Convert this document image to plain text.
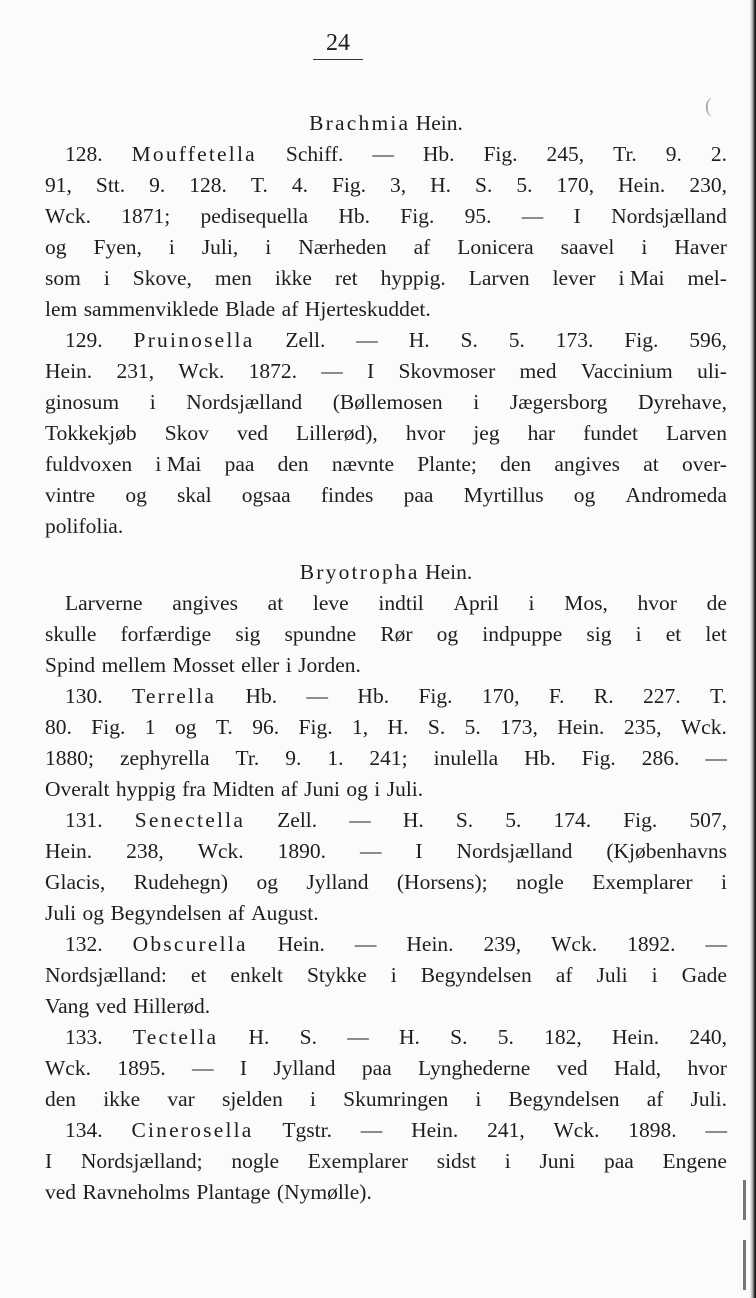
24
(
Brachmia Hein.
128. Mouffetella Schiff. — Hb. Fig. 245, Tr. 9. 2.
91, Stt. 9. 128. T. 4. Fig. 3, H. S. 5. 170, Hein. 230,
Wck. 1871; pedisequella Hb. Fig. 95. — I Nordsjælland
og Fyen, i Juli, i Nærheden af Lonicera saavel i Haver
som i Skove, men ikke ret hyppig. Larven lever i Mai mel-
lem sammenviklede Blade af Hjerteskuddet.
129. Pruinosella Zell. — H. S. 5. 173. Fig. 596,
Hein. 231, Wck. 1872. — I Skovmoser med Vaccinium uli-
ginosum i Nordsjælland (Bøllemosen i Jægersborg Dyrehave,
Tokkekjøb Skov ved Lillerød), hvor jeg har fundet Larven
fuldvoxen i Mai paa den nævnte Plante; den angives at over-
vintre og skal ogsaa findes paa Myrtillus og Andromeda
polifolia.
Bryotropha Hein.
Larverne angives at leve indtil April i Mos, hvor de
skulle forfærdige sig spundne Rør og indpuppe sig i et let
Spind mellem Mosset eller i Jorden.
130. Terrella Hb. — Hb. Fig. 170, F. R. 227. T.
80. Fig. 1 og T. 96. Fig. 1, H. S. 5. 173, Hein. 235, Wck.
1880; zephyrella Tr. 9. 1. 241; inulella Hb. Fig. 286. —
Overalt hyppig fra Midten af Juni og i Juli.
131. Senectella Zell. — H. S. 5. 174. Fig. 507,
Hein. 238, Wck. 1890. — I Nordsjælland (Kjøbenhavns
Glacis, Rudehegn) og Jylland (Horsens); nogle Exemplarer i
Juli og Begyndelsen af August.
132. Obscurella Hein. — Hein. 239, Wck. 1892. —
Nordsjælland: et enkelt Stykke i Begyndelsen af Juli i Gade
Vang ved Hillerød.
133. Tectella H. S. — H. S. 5. 182, Hein. 240,
Wck. 1895. — I Jylland paa Lynghederne ved Hald, hvor
den ikke var sjelden i Skumringen i Begyndelsen af Juli.
134. Cinerosella Tgstr. — Hein. 241, Wck. 1898. —
I Nordsjælland; nogle Exemplarer sidst i Juni paa Engene
ved Ravneholms Plantage (Nymølle).
